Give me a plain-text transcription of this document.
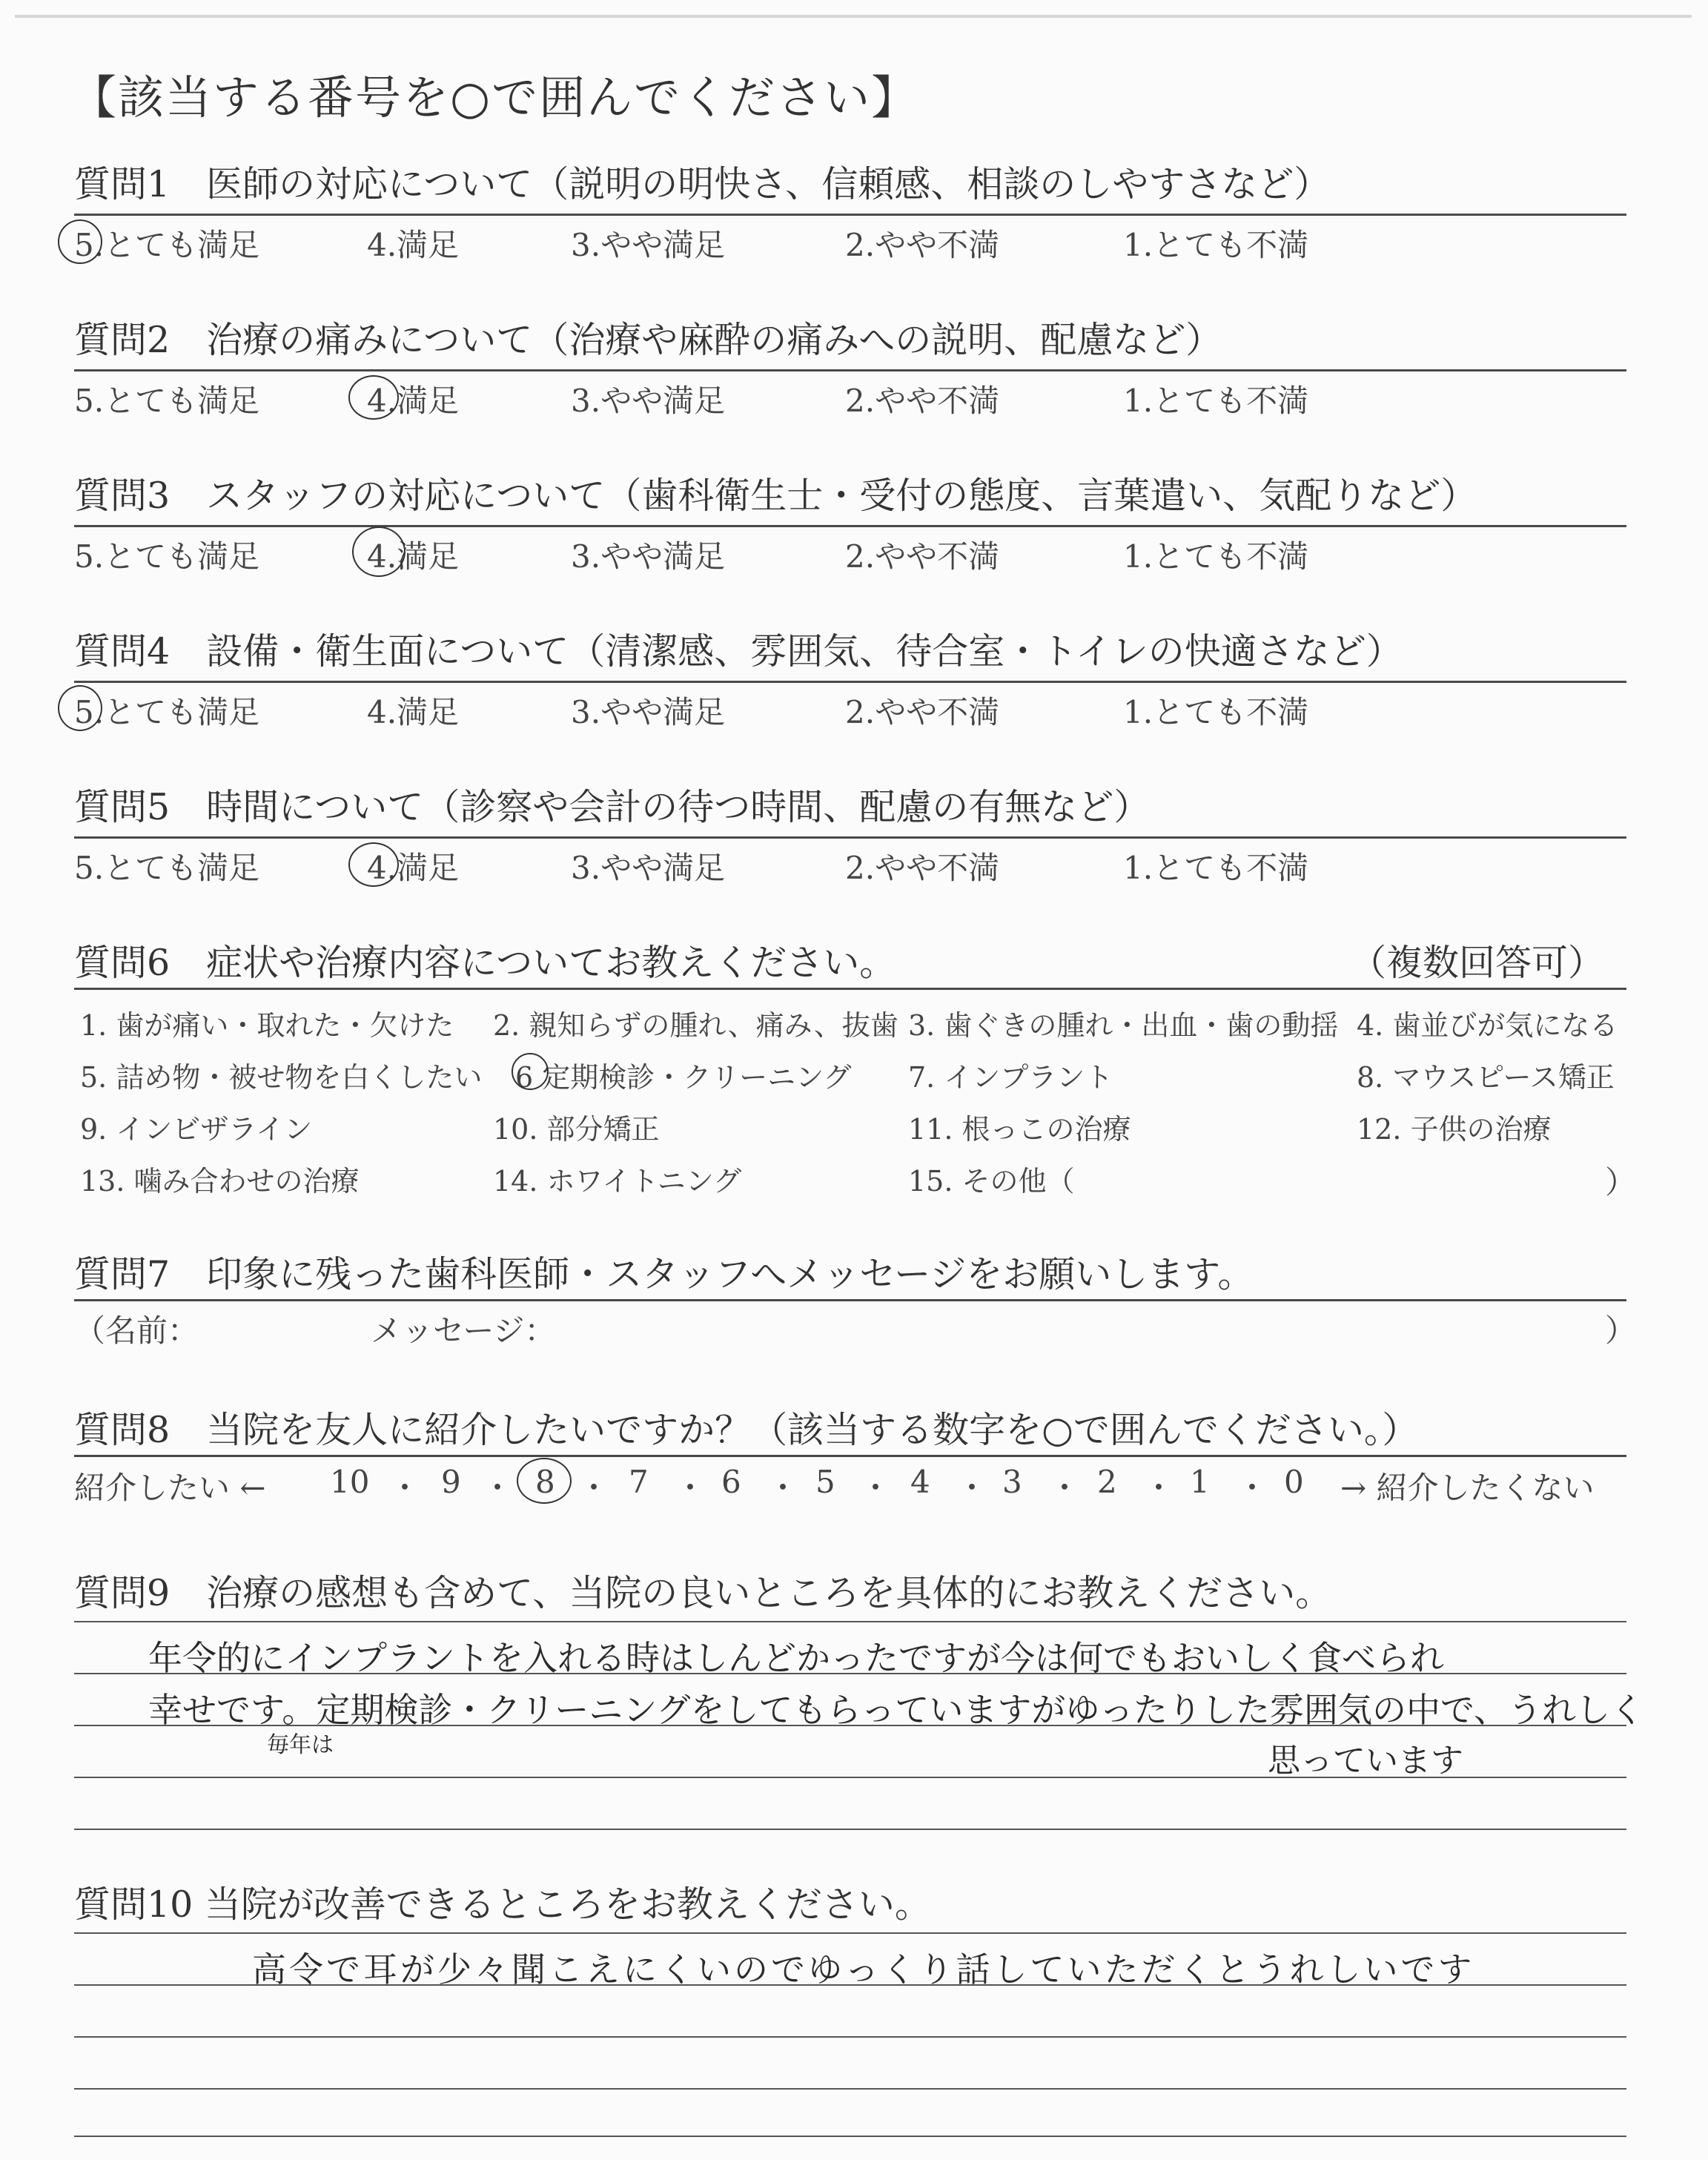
【該当する番号を○で囲んでください】
質問1　医師の対応について（説明の明快さ、信頼感、相談のしやすさなど）
5.とても満足	4.満足	3.やや満足	2.やや不満	1.とても不満
質問2　治療の痛みについて（治療や麻酔の痛みへの説明、配慮など）
5.とても満足	4.満足	3.やや満足	2.やや不満	1.とても不満
質問3　スタッフの対応について（歯科衛生士・受付の態度、言葉遣い、気配りなど）
5.とても満足	4.満足	3.やや満足	2.やや不満	1.とても不満
質問4　設備・衛生面について（清潔感、雰囲気、待合室・トイレの快適さなど）
5.とても満足	4.満足	3.やや満足	2.やや不満	1.とても不満
質問5　時間について（診察や会計の待つ時間、配慮の有無など）
5.とても満足	4.満足	3.やや満足	2.やや不満	1.とても不満
質問6　症状や治療内容についてお教えください。	（複数回答可）
1. 歯が痛い・取れた・欠けた 2. 親知らずの腫れ、痛み、抜歯 3. 歯ぐきの腫れ・出血・歯の動揺 4. 歯並びが気になる
5. 詰め物・被せ物を白くしたい 6 定期検診・クリーニング 7. インプラント	8. マウスピース矯正
9. インビザライン	10. 部分矯正	11. 根っこの治療	12. 子供の治療
13. 噛み合わせの治療	14. ホワイトニング	15. その他（	）
質問7　印象に残った歯科医師・スタッフへメッセージをお願いします。
（名前：	メッセージ：	）
質問8　当院を友人に紹介したいですか？（該当する数字を○で囲んでください。）
紹介したい ← 10 ・ 9 ・ 8 ・ 7 ・ 6 ・ 5 ・ 4 ・ 3 ・ 2 ・ 1 ・ 0 → 紹介したくない
質問9　治療の感想も含めて、当院の良いところを具体的にお教えください。
年令的にインプラントを入れる時はしんどかったですが今は何でもおいしく食べられ
幸せです。定期検診・クリーニングをしてもらっていますがゆったりした雰囲気の中で、うれしく
毎年は	思っています
質問10 当院が改善できるところをお教えください。
高令で耳が少々聞こえにくいのでゆっくり話していただくとうれしいです
